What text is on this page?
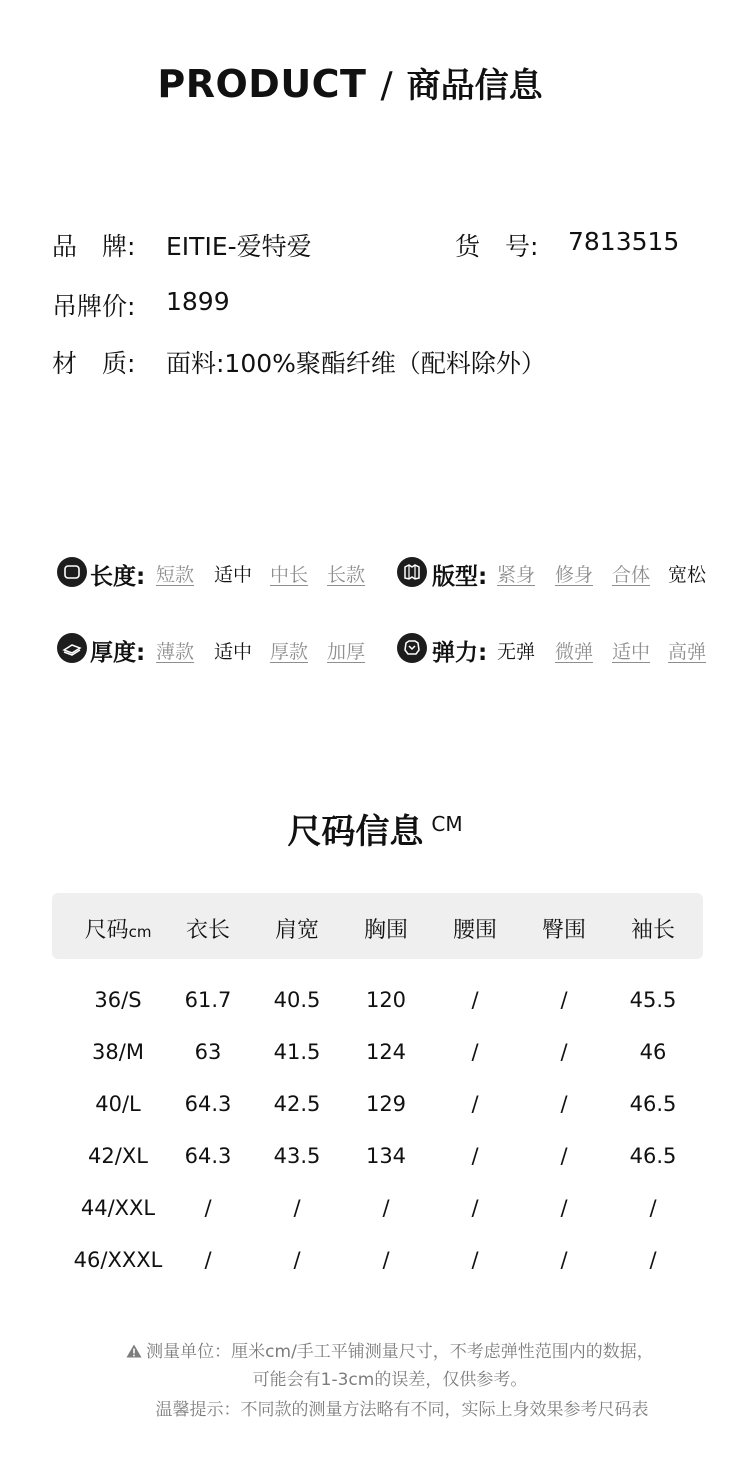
PRODUCT / 商品信息
品　牌: EITIE-爱特爱	货　号: 7813515
吊牌价: 1899
材　质: 面料:100%聚酯纤维（配料除外）
长度: 短款 适中 中长 长款	版型: 紧身 修身 合体 宽松
厚度: 薄款 适中 厚款 加厚	弹力: 无弹 微弹 适中 高弹
尺码信息 CM
尺码cm	衣长	肩宽	胸围	腰围	臀围	袖长
36/S	61.7	40.5	120	/	/	45.5
38/M	63	41.5	124	/	/	46
40/L	64.3	42.5	129	/	/	46.5
42/XL	64.3	43.5	134	/	/	46.5
44/XXL	/	/	/	/	/	/
46/XXXL	/	/	/	/	/	/
测量单位：厘米cm/手工平铺测量尺寸，不考虑弹性范围内的数据，
可能会有1-3cm的误差，仅供参考。
温馨提示：不同款的测量方法略有不同，实际上身效果参考尺码表
